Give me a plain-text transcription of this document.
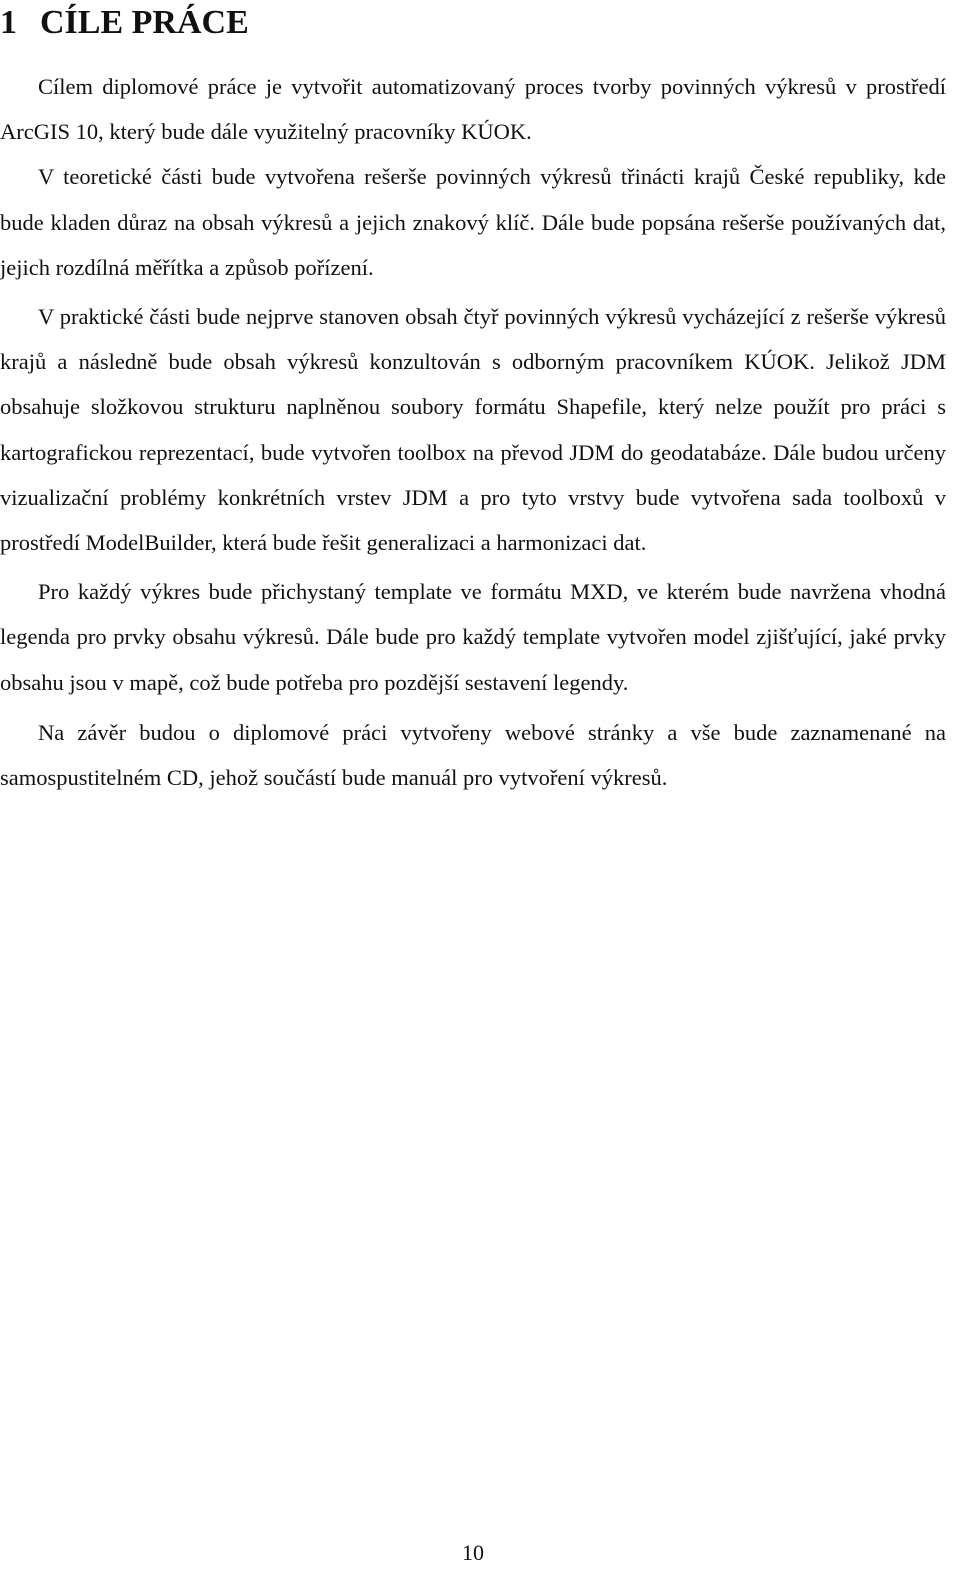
1 CÍLE PRÁCE

Cílem diplomové práce je vytvořit automatizovaný proces tvorby povinných výkresů v prostředí ArcGIS 10, který bude dále využitelný pracovníky KÚOK.

V teoretické části bude vytvořena rešerše povinných výkresů třinácti krajů České republiky, kde bude kladen důraz na obsah výkresů a jejich znakový klíč. Dále bude popsána rešerše používaných dat, jejich rozdílná měřítka a způsob pořízení.

V praktické části bude nejprve stanoven obsah čtyř povinných výkresů vycházející z rešerše výkresů krajů a následně bude obsah výkresů konzultován s odborným pracovníkem KÚOK. Jelikož JDM obsahuje složkovou strukturu naplněnou soubory formátu Shapefile, který nelze použít pro práci s kartografickou reprezentací, bude vytvořen toolbox na převod JDM do geodatabáze. Dále budou určeny vizualizační problémy konkrétních vrstev JDM a pro tyto vrstvy bude vytvořena sada toolboxů v prostředí ModelBuilder, která bude řešit generalizaci a harmonizaci dat.

Pro každý výkres bude přichystaný template ve formátu MXD, ve kterém bude navržena vhodná legenda pro prvky obsahu výkresů. Dále bude pro každý template vytvořen model zjišťující, jaké prvky obsahu jsou v mapě, což bude potřeba pro pozdější sestavení legendy.

Na závěr budou o diplomové práci vytvořeny webové stránky a vše bude zaznamenané na samospustitelném CD, jehož součástí bude manuál pro vytvoření výkresů.

10
